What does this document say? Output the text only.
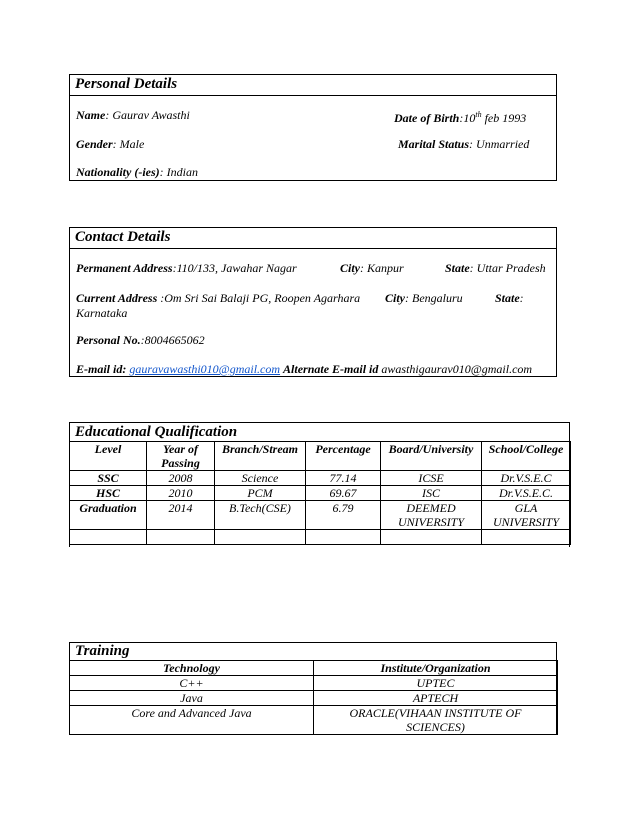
Personal Details
Name: Gaurav Awasthi	Date of Birth:10th feb 1993
Gender: Male	Marital Status: Unmarried
Nationality (-ies): Indian
Contact Details
Permanent Address:110/133, Jawahar Nagar	City: Kanpur	State: Uttar Pradesh
Current Address :Om Sri Sai Balaji PG, Roopen Agarhara City: Bengaluru	State:
Karnataka
Personal No.:8004665062
E-mail id: gauravawasthi010@gmail.com Alternate E-mail id awasthigaurav010@gmail.com
Educational Qualification
Level	Year of Passing	Branch/Stream	Percentage	Board/University	School/College
SSC	2008	Science	77.14	ICSE	Dr.V.S.E.C
HSC	2010	PCM	69.67	ISC	Dr.V.S.E.C.
Graduation	2014	B.Tech(CSE)	6.79	DEEMED UNIVERSITY	GLA UNIVERSITY

Training
Technology	Institute/Organization
C++	UPTEC
Java	APTECH
Core and Advanced Java	ORACLE(VIHAAN INSTITUTE OF SCIENCES)
